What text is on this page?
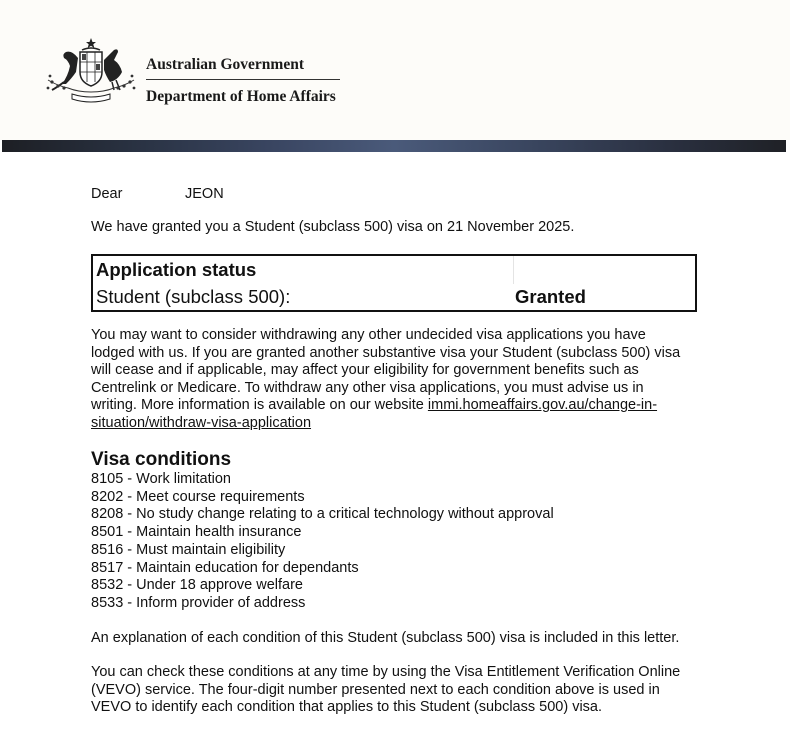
Australian Government
Department of Home Affairs
Dear	JEON
We have granted you a Student (subclass 500) visa on 21 November 2025.
Application status
Student (subclass 500):	Granted

You may want to consider withdrawing any other undecided visa applications you have lodged with us. If you are granted another substantive visa your Student (subclass 500) visa will cease and if applicable, may affect your eligibility for government benefits such as Centrelink or Medicare. To withdraw any other visa applications, you must advise us in writing. More information is available on our website immi.homeaffairs.gov.au/change-in-situation/withdraw-visa-application

Visa conditions
8105 - Work limitation
8202 - Meet course requirements
8208 - No study change relating to a critical technology without approval
8501 - Maintain health insurance
8516 - Must maintain eligibility
8517 - Maintain education for dependants
8532 - Under 18 approve welfare
8533 - Inform provider of address

An explanation of each condition of this Student (subclass 500) visa is included in this letter.

You can check these conditions at any time by using the Visa Entitlement Verification Online (VEVO) service. The four-digit number presented next to each condition above is used in VEVO to identify each condition that applies to this Student (subclass 500) visa.
